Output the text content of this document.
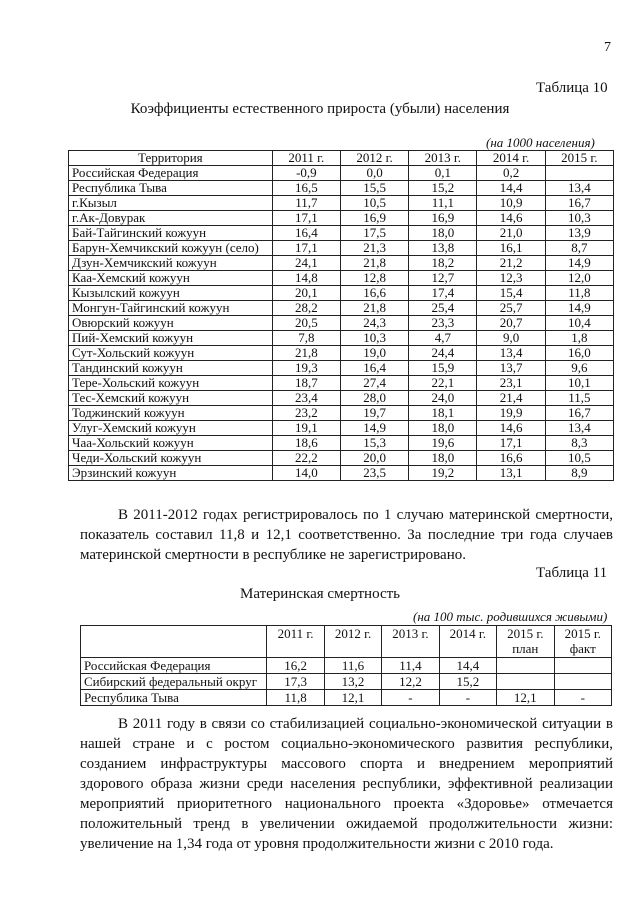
7
Таблица 10
Коэффициенты естественного прироста (убыли) населения
(на 1000 населения)
Территория	2011 г.	2012 г.	2013 г.	2014 г.	2015 г.
Российская Федерация	-0,9	0,0	0,1	0,2	
Республика Тыва	16,5	15,5	15,2	14,4	13,4
г.Кызыл	11,7	10,5	11,1	10,9	16,7
г.Ак-Довурак	17,1	16,9	16,9	14,6	10,3
Бай-Тайгинский кожуун	16,4	17,5	18,0	21,0	13,9
Барун-Хемчикский кожуун (село)	17,1	21,3	13,8	16,1	8,7
Дзун-Хемчикский кожуун	24,1	21,8	18,2	21,2	14,9
Каа-Хемский кожуун	14,8	12,8	12,7	12,3	12,0
Кызылский кожуун	20,1	16,6	17,4	15,4	11,8
Монгун-Тайгинский кожуун	28,2	21,8	25,4	25,7	14,9
Овюрский кожуун	20,5	24,3	23,3	20,7	10,4
Пий-Хемский кожуун	7,8	10,3	4,7	9,0	1,8
Сут-Хольский кожуун	21,8	19,0	24,4	13,4	16,0
Тандинский кожуун	19,3	16,4	15,9	13,7	9,6
Тере-Хольский кожуун	18,7	27,4	22,1	23,1	10,1
Тес-Хемский кожуун	23,4	28,0	24,0	21,4	11,5
Тоджинский кожуун	23,2	19,7	18,1	19,9	16,7
Улуг-Хемский кожуун	19,1	14,9	18,0	14,6	13,4
Чаа-Хольский кожуун	18,6	15,3	19,6	17,1	8,3
Чеди-Хольский кожуун	22,2	20,0	18,0	16,6	10,5
Эрзинский кожуун	14,0	23,5	19,2	13,1	8,9
В 2011-2012 годах регистрировалось по 1 случаю материнской смертности, показатель составил 11,8 и 12,1 соответственно. За последние три года случаев материнской смертности в республике не зарегистрировано.
Таблица 11
Материнская смертность
(на 100 тыс. родившихся живыми)
	2011 г.	2012 г.	2013 г.	2014 г.	2015 г. план	2015 г. факт
Российская Федерация	16,2	11,6	11,4	14,4		
Сибирский федеральный округ	17,3	13,2	12,2	15,2		
Республика Тыва	11,8	12,1	-	-	12,1	-
В 2011 году в связи со стабилизацией социально-экономической ситуации в нашей стране и с ростом социально-экономического развития республики, созданием инфраструктуры массового спорта и внедрением мероприятий здорового образа жизни среди населения республики, эффективной реализации мероприятий приоритетного национального проекта «Здоровье» отмечается положительный тренд в увеличении ожидаемой продолжительности жизни: увеличение на 1,34 года от уровня продолжительности жизни с 2010 года.
